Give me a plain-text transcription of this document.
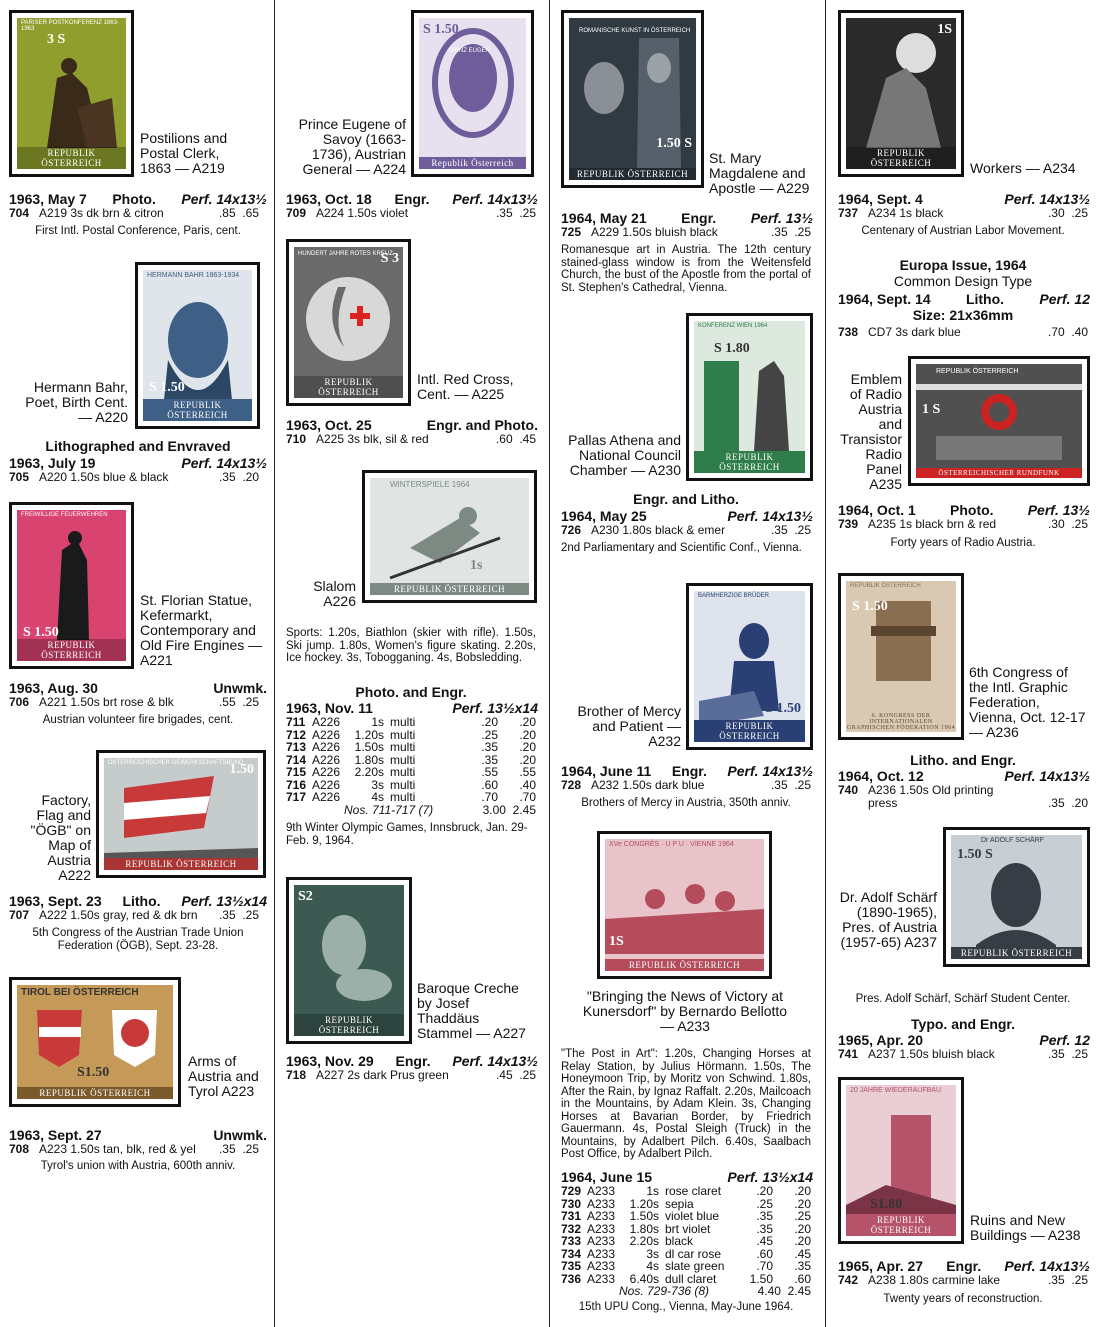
PARISER POSTKONFERENZ 1863-1963
3 S
REPUBLIK ÖSTERREICH
Postilions and Postal Clerk, 1863 — A219
1963, May 7 Photo. Perf. 14x13½
704 A219 3s dk brn & citron	.85  .65
First Intl. Postal Conference, Paris, cent.
HERMANN BAHR 1863-1934
S 1.50
REPUBLIK ÖSTERREICH
Hermann Bahr, Poet, Birth Cent. — A220
Lithographed and Envraved
1963, July 19	Perf. 14x13½
705 A220 1.50s blue & black	.35  .20
FREIWILLIGE FEUERWEHREN
S 1.50
REPUBLIK ÖSTERREICH
St. Florian Statue, Kefermarkt, Contemporary and Old Fire Engines — A221
1963, Aug. 30	Unwmk.
706 A221 1.50s brt rose & blk	.55  .25
Austrian volunteer fire brigades, cent.
ÖSTERREICHISCHER GEWERKSCHAFTSBUND
1.50
REPUBLIK ÖSTERREICH
Factory, Flag and "ÖGB" on Map of Austria A222
1963, Sept. 23 Litho. Perf. 13½x14
707 A222 1.50s gray, red & dk brn	.35  .25
5th Congress of the Austrian Trade Union Federation (ÖGB), Sept. 23-28.
TIROL BEI ÖSTERREICH
S1.50
REPUBLIK ÖSTERREICH
Arms of Austria and Tyrol A223
1963, Sept. 27	Unwmk.
708 A223 1.50s tan, blk, red & yel	.35  .25
Tyrol's union with Austria, 600th anniv.
S 1.50
PRINZ EUGEN
Republik Österreich
Prince Eugene of Savoy (1663-1736), Austrian General — A224
1963, Oct. 18 Engr. Perf. 14x13½
709 A224 1.50s violet	.35  .25
HUNDERT JAHRE ROTES KREUZ
S 3
REPUBLIK ÖSTERREICH
Intl. Red Cross, Cent. — A225
1963, Oct. 25	Engr. and Photo.
710 A225 3s blk, sil & red	.60  .45
WINTERSPIELE 1964
1s
REPUBLIK ÖSTERREICH
Slalom A226
Sports: 1.20s, Biathlon (skier with rifle). 1.50s, Ski jump. 1.80s, Women's figure skating. 2.20s, Ice hockey. 3s, Tobogganing. 4s, Bobsledding.
Photo. and Engr.
1963, Nov. 11	Perf. 13½x14
711 A226	1s multi	.20	.20
712 A226	1.20s multi	.25	.20
713 A226	1.50s multi	.35	.20
714 A226	1.80s multi	.35	.20
715 A226	2.20s multi	.55	.55
716 A226	3s multi	.60	.40
717 A226	4s multi	.70	.70
Nos. 711-717 (7)	3.00  2.45
9th Winter Olympic Games, Innsbruck, Jan. 29-Feb. 9, 1964.
S2
REPUBLIK ÖSTERREICH
Baroque Creche by Josef Thaddäus Stammel — A227
1963, Nov. 29 Engr. Perf. 14x13½
718 A227 2s dark Prus green	.45  .25
ROMANISCHE KUNST IN ÖSTERREICH
1.50 S
REPUBLIK ÖSTERREICH
St. Mary Magdalene and Apostle — A229
1964, May 21 Engr. Perf. 13½
725 A229 1.50s bluish black	.35  .25
Romanesque art in Austria. The 12th century stained-glass window is from the Weitensfeld Church, the bust of the Apostle from the portal of St. Stephen's Cathedral, Vienna.
KONFERENZ WIEN 1964
S 1.80
REPUBLIK ÖSTERREICH
Pallas Athena and National Council Chamber — A230
Engr. and Litho.
1964, May 25	Perf. 14x13½
726 A230 1.80s black & emer	.35  .25
2nd Parliamentary and Scientific Conf., Vienna.
BARMHERZIGE BRÜDER
S 1.50
REPUBLIK ÖSTERREICH
Brother of Mercy and Patient — A232
1964, June 11 Engr. Perf. 14x13½
728 A232 1.50s dark blue	.35  .25
Brothers of Mercy in Austria, 350th anniv.
XVe CONGRÈS · U P U · VIENNE 1964
1S
REPUBLIK ÖSTERREICH
"Bringing the News of Victory at Kunersdorf" by Bernardo Bellotto — A233
"The Post in Art": 1.20s, Changing Horses at Relay Station, by Julius Hörmann. 1.50s, The Honeymoon Trip, by Moritz von Schwind. 1.80s, After the Rain, by Ignaz Raffalt. 2.20s, Mailcoach in the Mountains, by Adam Klein. 3s, Changing Horses at Bavarian Border, by Friedrich Gauermann. 4s, Postal Sleigh (Truck) in the Mountains, by Adalbert Pilch. 6.40s, Saalbach Post Office, by Adalbert Pilch.
1964, June 15	Perf. 13½x14
729 A233	1s rose claret	.20	.20
730 A233	1.20s sepia	.25	.20
731 A233	1.50s violet blue	.35	.25
732 A233	1.80s brt violet	.35	.20
733 A233	2.20s black	.45	.20
734 A233	3s dl car rose	.60	.45
735 A233	4s slate green	.70	.35
736 A233	6.40s dull claret	1.50	.60
Nos. 729-736 (8)	4.40  2.45
15th UPU Cong., Vienna, May-June 1964.
1S
REPUBLIK ÖSTERREICH	Workers — A234
1964, Sept. 4	Perf. 14x13½
737 A234 1s black	.30  .25
Centenary of Austrian Labor Movement.
Europa Issue, 1964
Common Design Type
1964, Sept. 14	Litho.	Perf. 12
Size: 21x36mm
738 CD7 3s dark blue	.70  .40
REPUBLIK ÖSTERREICH
1 S
ÖSTERREICHISCHER RUNDFUNK
Emblem of Radio Austria and Transistor Radio Panel A235
1964, Oct. 1 Photo. Perf. 13½
739 A235 1s black brn & red	.30  .25
Forty years of Radio Austria.
REPUBLIK ÖSTERREICH
S 1.50
6. KONGRESS DER INTERNATIONALEN GRAPHISCHEN FÖDERATION 1964
6th Congress of the Intl. Graphic Federation, Vienna, Oct. 12-17 — A236
Litho. and Engr.
1964, Oct. 12	Perf. 14x13½
740 A236 1.50s Old printing press	.35  .20
Dr ADOLF SCHÄRF
1.50 S
REPUBLIK ÖSTERREICH
Dr. Adolf Schärf (1890-1965), Pres. of Austria (1957-65) A237
Pres. Adolf Schärf, Schärf Student Center.
Typo. and Engr.
1965, Apr. 20	Perf. 12
741 A237 1.50s bluish black	.35  .25
20 JAHRE WIEDERAUFBAU
S1.80
REPUBLIK ÖSTERREICH
Ruins and New Buildings — A238
1965, Apr. 27 Engr. Perf. 14x13½
742 A238 1.80s carmine lake	.35  .25
Twenty years of reconstruction.
